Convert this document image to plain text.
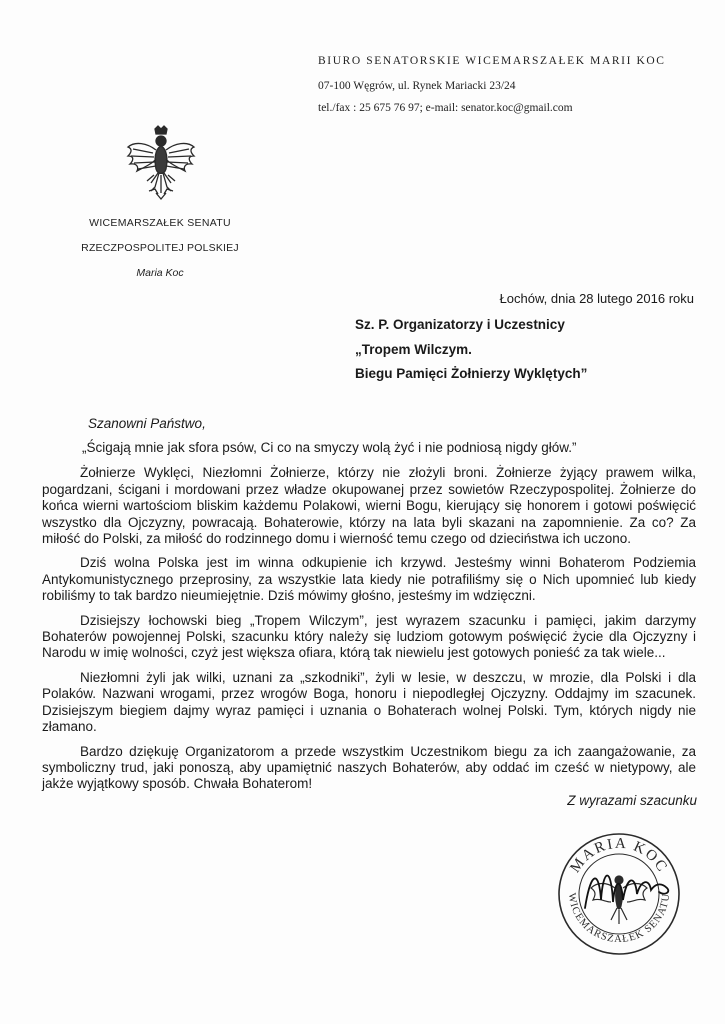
BIURO SENATORSKIE WICEMARSZAŁEK MARII KOC
07-100 Węgrów, ul. Rynek Mariacki 23/24
tel./fax : 25 675 76 97; e-mail: senator.koc@gmail.com
WICEMARSZAŁEK SENATU
RZECZPOSPOLITEJ POLSKIEJ
Maria Koc
Łochów, dnia 28 lutego 2016 roku
Sz. P. Organizatorzy i Uczestnicy
„Tropem Wilczym.
Biegu Pamięci Żołnierzy Wyklętych”
Szanowni Państwo,

„Ścigają mnie jak sfora psów, Ci co na smyczy wolą żyć i nie podniosą nigdy głów.”

Żołnierze Wyklęci, Niezłomni Żołnierze, którzy nie złożyli broni. Żołnierze żyjący prawem wilka, pogardzani, ścigani i mordowani przez władze okupowanej przez sowietów Rzeczypospolitej. Żołnierze do końca wierni wartościom bliskim każdemu Polakowi, wierni Bogu, kierujący się honorem i gotowi poświęcić wszystko dla Ojczyzny, powracają. Bohaterowie, którzy na lata byli skazani na zapomnienie. Za co? Za miłość do Polski, za miłość do rodzinnego domu i wierność temu czego od dzieciństwa ich uczono.

Dziś wolna Polska jest im winna odkupienie ich krzywd. Jesteśmy winni Bohaterom Podziemia Antykomunistycznego przeprosiny, za wszystkie lata kiedy nie potrafiliśmy się o Nich upomnieć lub kiedy robiliśmy to tak bardzo nieumiejętnie. Dziś mówimy głośno, jesteśmy im wdzięczni.

Dzisiejszy łochowski bieg „Tropem Wilczym”, jest wyrazem szacunku i pamięci, jakim darzymy Bohaterów powojennej Polski, szacunku który należy się ludziom gotowym poświęcić życie dla Ojczyzny i Narodu w imię wolności, czyż jest większa ofiara, którą tak niewielu jest gotowych ponieść za tak wiele...

Niezłomni żyli jak wilki, uznani za „szkodniki”, żyli w lesie, w deszczu, w mrozie, dla Polski i dla Polaków. Nazwani wrogami, przez wrogów Boga, honoru i niepodległej Ojczyzny. Oddajmy im szacunek. Dzisiejszym biegiem dajmy wyraz pamięci i uznania o Bohaterach wolnej Polski. Tym, których nigdy nie złamano.

Bardzo dziękuję Organizatorom a przede wszystkim Uczestnikom biegu za ich zaangażowanie, za symboliczny trud, jaki ponoszą, aby upamiętnić naszych Bohaterów, aby oddać im cześć w nietypowy, ale jakże wyjątkowy sposób. Chwała Bohaterom!

Z wyrazami szacunku
MARIA KOC
WICEMARSZAŁEK SENATU
